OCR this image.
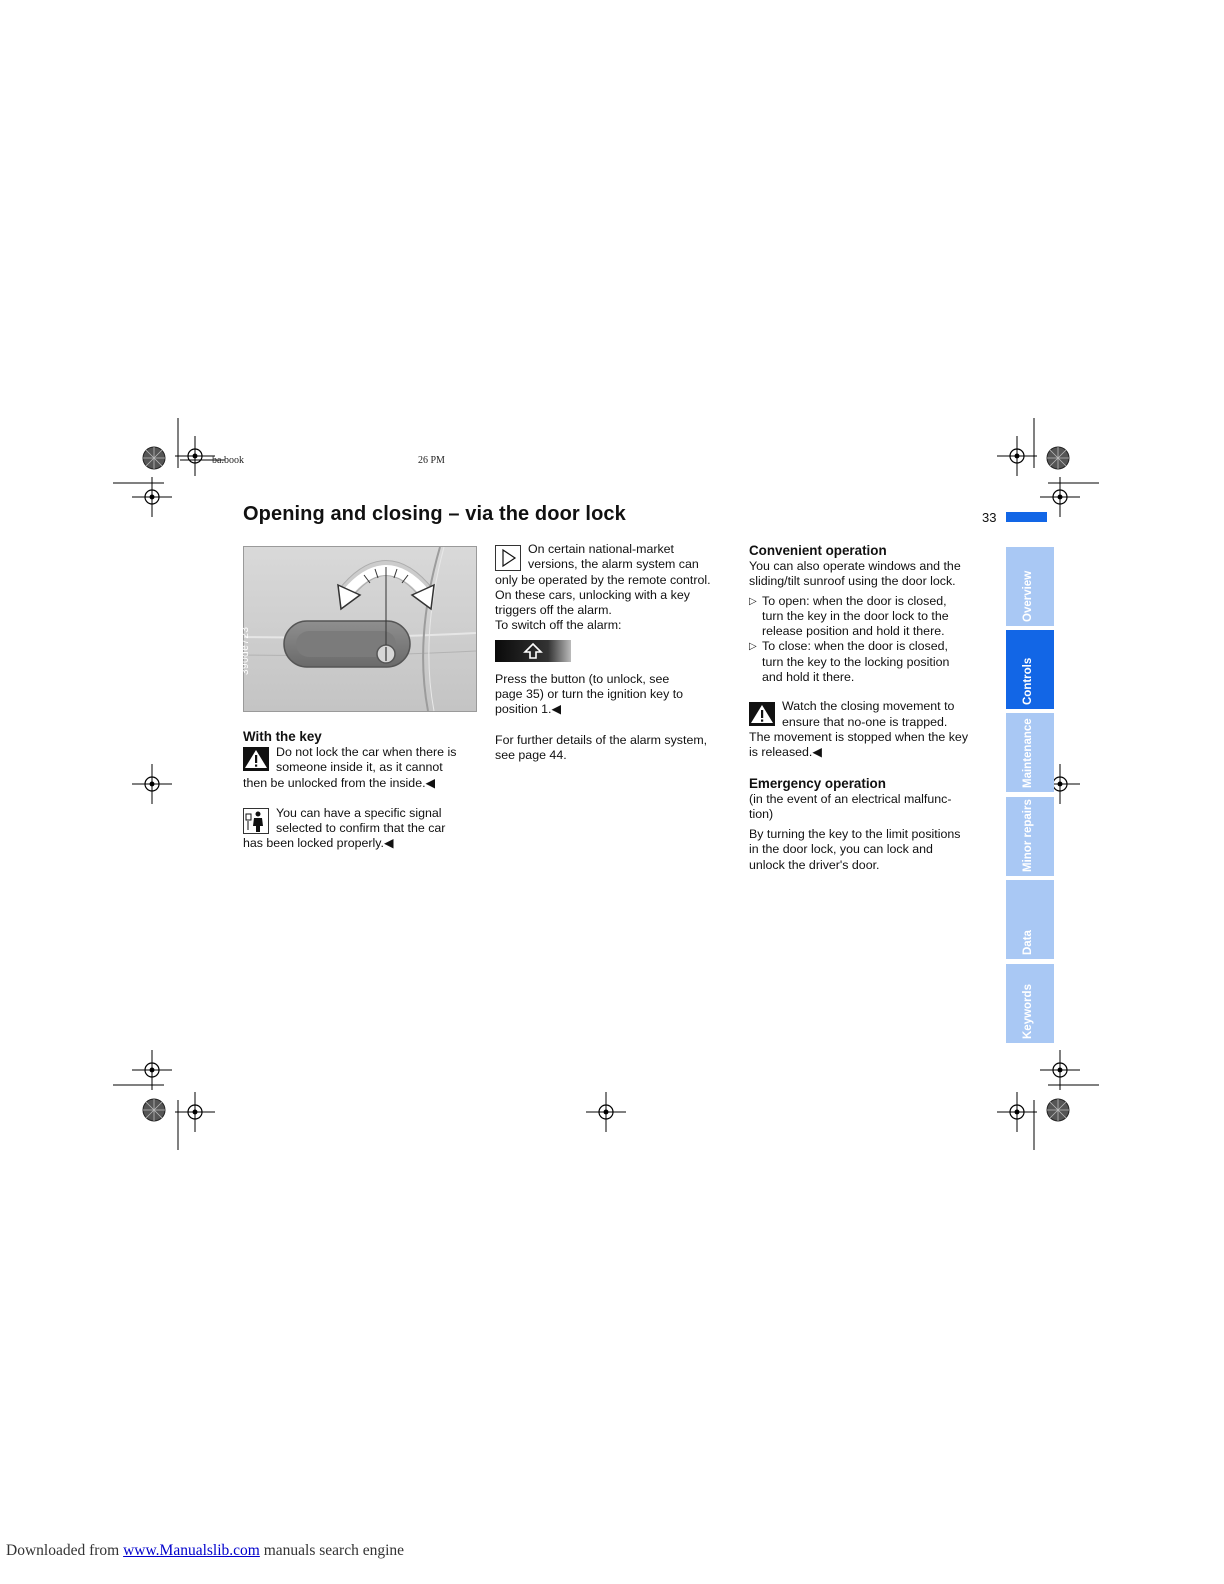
ba.book	26 PM
Opening and closing – via the door lock	33
390de723

With the key

Do not lock the car when there is

someone inside it, as it cannot

then be unlocked from the inside.◀

You can have a specific signal

selected to confirm that the car

has been locked properly.◀

On certain national-market

versions, the alarm system can

only be operated by the remote control.

On these cars, unlocking with a key

triggers off the alarm.

To switch off the alarm:

Press the button (to unlock, see

page 35) or turn the ignition key to

position 1.◀

For further details of the alarm system,

see page 44.

Convenient operation

You can also operate windows and the

sliding/tilt sunroof using the door lock.

▷ To open: when the door is closed,

turn the key in the door lock to the

release position and hold it there.

▷ To close: when the door is closed,

turn the key to the locking position

and hold it there.

Watch the closing movement to

ensure that no-one is trapped.

The movement is stopped when the key

is released.◀

Emergency operation

(in the event of an electrical malfunc-

tion)

By turning the key to the limit positions

in the door lock, you can lock and

unlock the driver's door.

Overview
Controls
Maintenance
Minor repairs
Data
Keywords
Downloaded from www.Manualslib.com manuals search engine
